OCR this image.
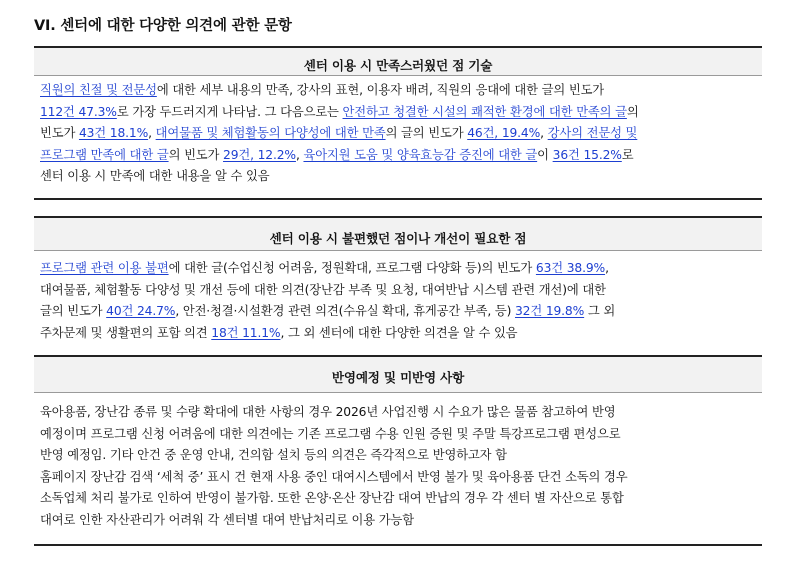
VI. 센터에 대한 다양한 의견에 관한 문항
센터 이용 시 만족스러웠던 점 기술
직원의 친절 및 전문성에 대한 세부 내용의 만족, 강사의 표현, 이용자 배려, 직원의 응대에 대한 글의 빈도가
112건 47.3%로 가장 두드러지게 나타남. 그 다음으로는 안전하고 청결한 시설의 쾌적한 환경에 대한 만족의 글의
빈도가 43건 18.1%, 대여물품 및 체험활동의 다양성에 대한 만족의 글의 빈도가 46건, 19.4%, 강사의 전문성 및
프로그램 만족에 대한 글의 빈도가 29건, 12.2%, 육아지원 도움 및 양육효능감 증진에 대한 글이 36건 15.2%로
센터 이용 시 만족에 대한 내용을 알 수 있음
센터 이용 시 불편했던 점이나 개선이 필요한 점
프로그램 관련 이용 불편에 대한 글(수업신청 어려움, 정원확대, 프로그램 다양화 등)의 빈도가 63건 38.9%,
대여물품, 체험활동 다양성 및 개선 등에 대한 의견(장난감 부족 및 요청, 대여반납 시스템 관련 개선)에 대한
글의 빈도가 40건 24.7%, 안전·청결·시설환경 관련 의견(수유실 확대, 휴게공간 부족, 등) 32건 19.8% 그 외
주차문제 및 생활편의 포함 의견 18건 11.1%, 그 외 센터에 대한 다양한 의견을 알 수 있음
반영예정 및 미반영 사항
육아용품, 장난감 종류 및 수량 확대에 대한 사항의 경우 2026년 사업진행 시 수요가 많은 물품 참고하여 반영
예정이며 프로그램 신청 어려움에 대한 의견에는 기존 프로그램 수용 인원 증원 및 주말 특강프로그램 편성으로
반영 예정임. 기타 안건 중 운영 안내, 건의함 설치 등의 의견은 즉각적으로 반영하고자 함
홈페이지 장난감 검색 ‘세척 중’ 표시 건 현재 사용 중인 대여시스템에서 반영 불가 및 육아용품 단건 소독의 경우
소독업체 처리 불가로 인하여 반영이 불가함. 또한 온양·온산 장난감 대여 반납의 경우 각 센터 별 자산으로 통합
대여로 인한 자산관리가 어려워 각 센터별 대여 반납처리로 이용 가능함
